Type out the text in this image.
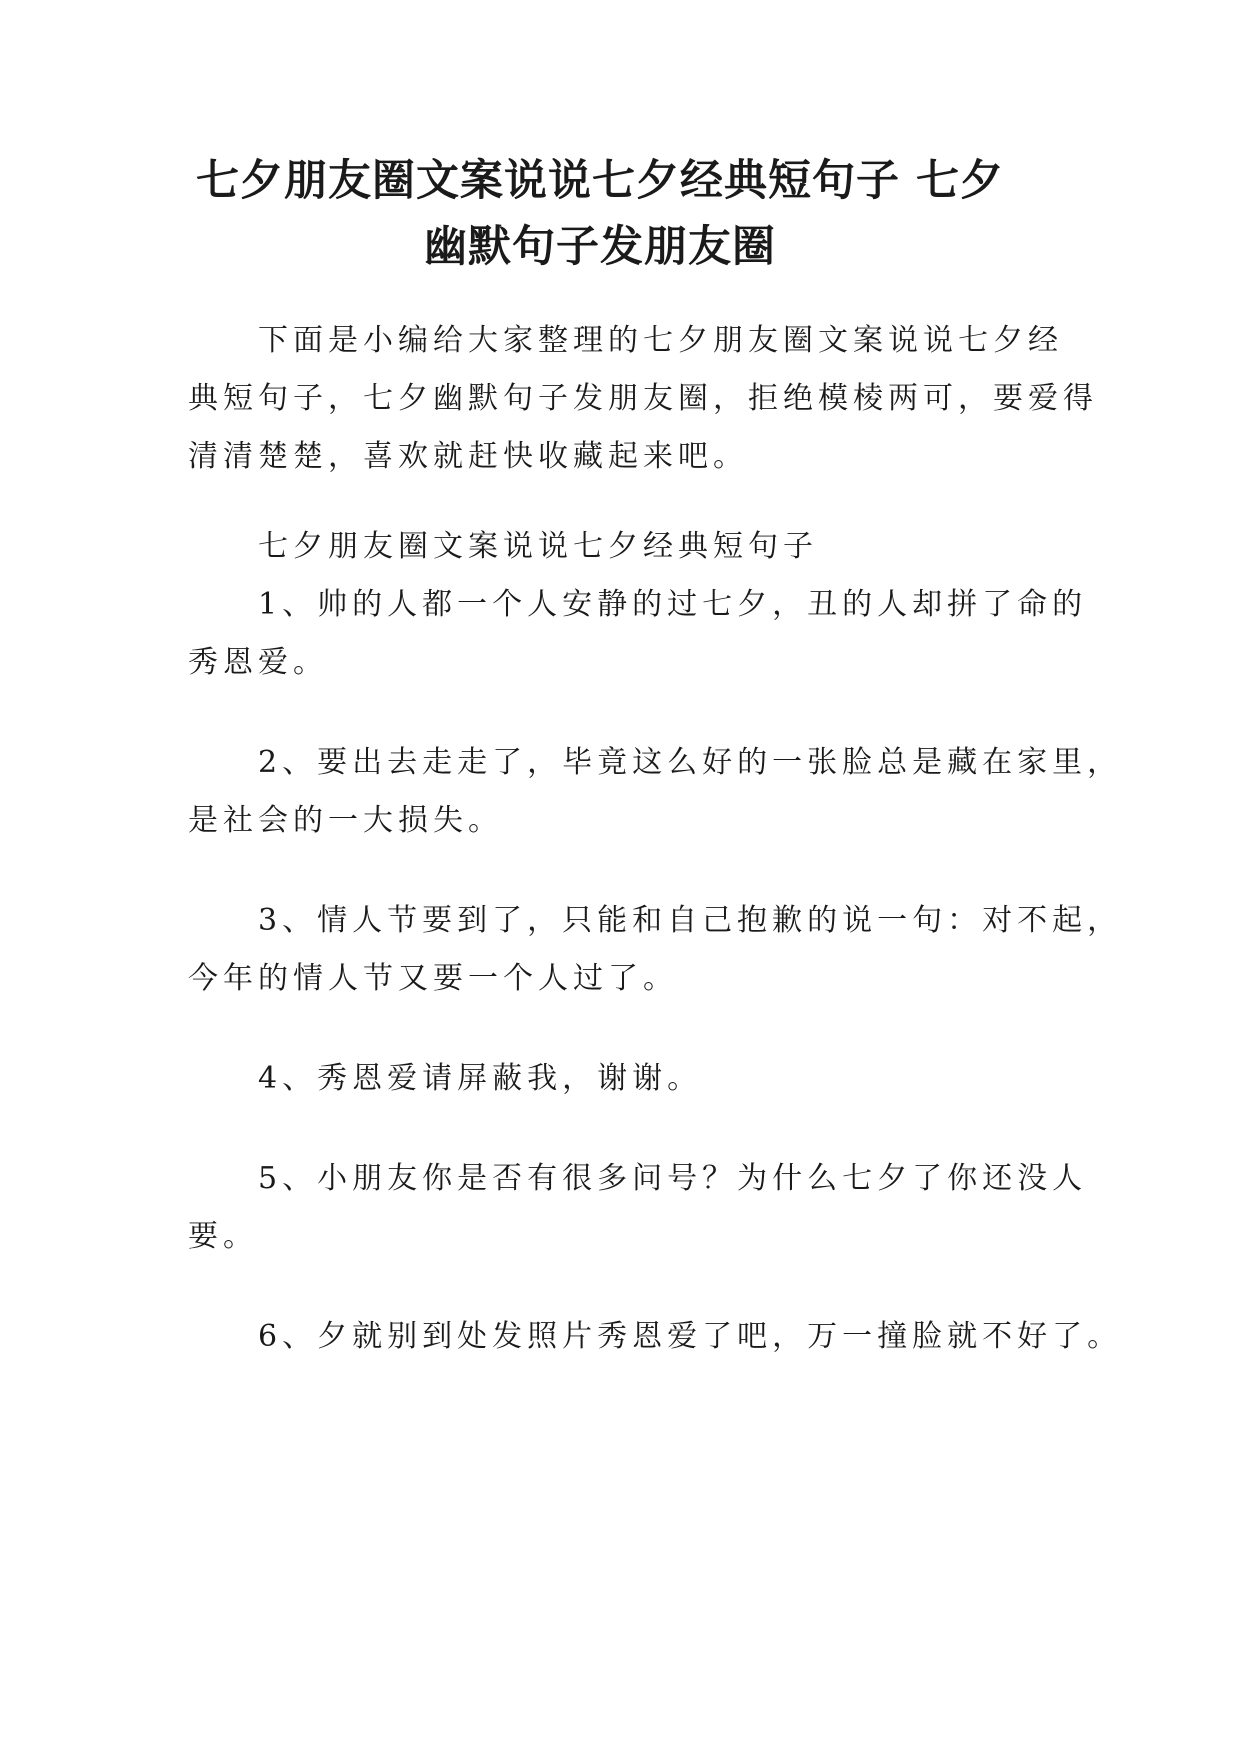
七夕朋友圈文案说说七夕经典短句子 七夕
幽默句子发朋友圈

下面是小编给大家整理的七夕朋友圈文案说说七夕经
典短句子，七夕幽默句子发朋友圈，拒绝模棱两可，要爱得
清清楚楚，喜欢就赶快收藏起来吧。

七夕朋友圈文案说说七夕经典短句子

1、帅的人都一个人安静的过七夕，丑的人却拼了命的
秀恩爱。

2、要出去走走了，毕竟这么好的一张脸总是藏在家里，
是社会的一大损失。

3、情人节要到了，只能和自己抱歉的说一句：对不起，
今年的情人节又要一个人过了。

4、秀恩爱请屏蔽我，谢谢。

5、小朋友你是否有很多问号？为什么七夕了你还没人
要。

6、夕就别到处发照片秀恩爱了吧，万一撞脸就不好了。
